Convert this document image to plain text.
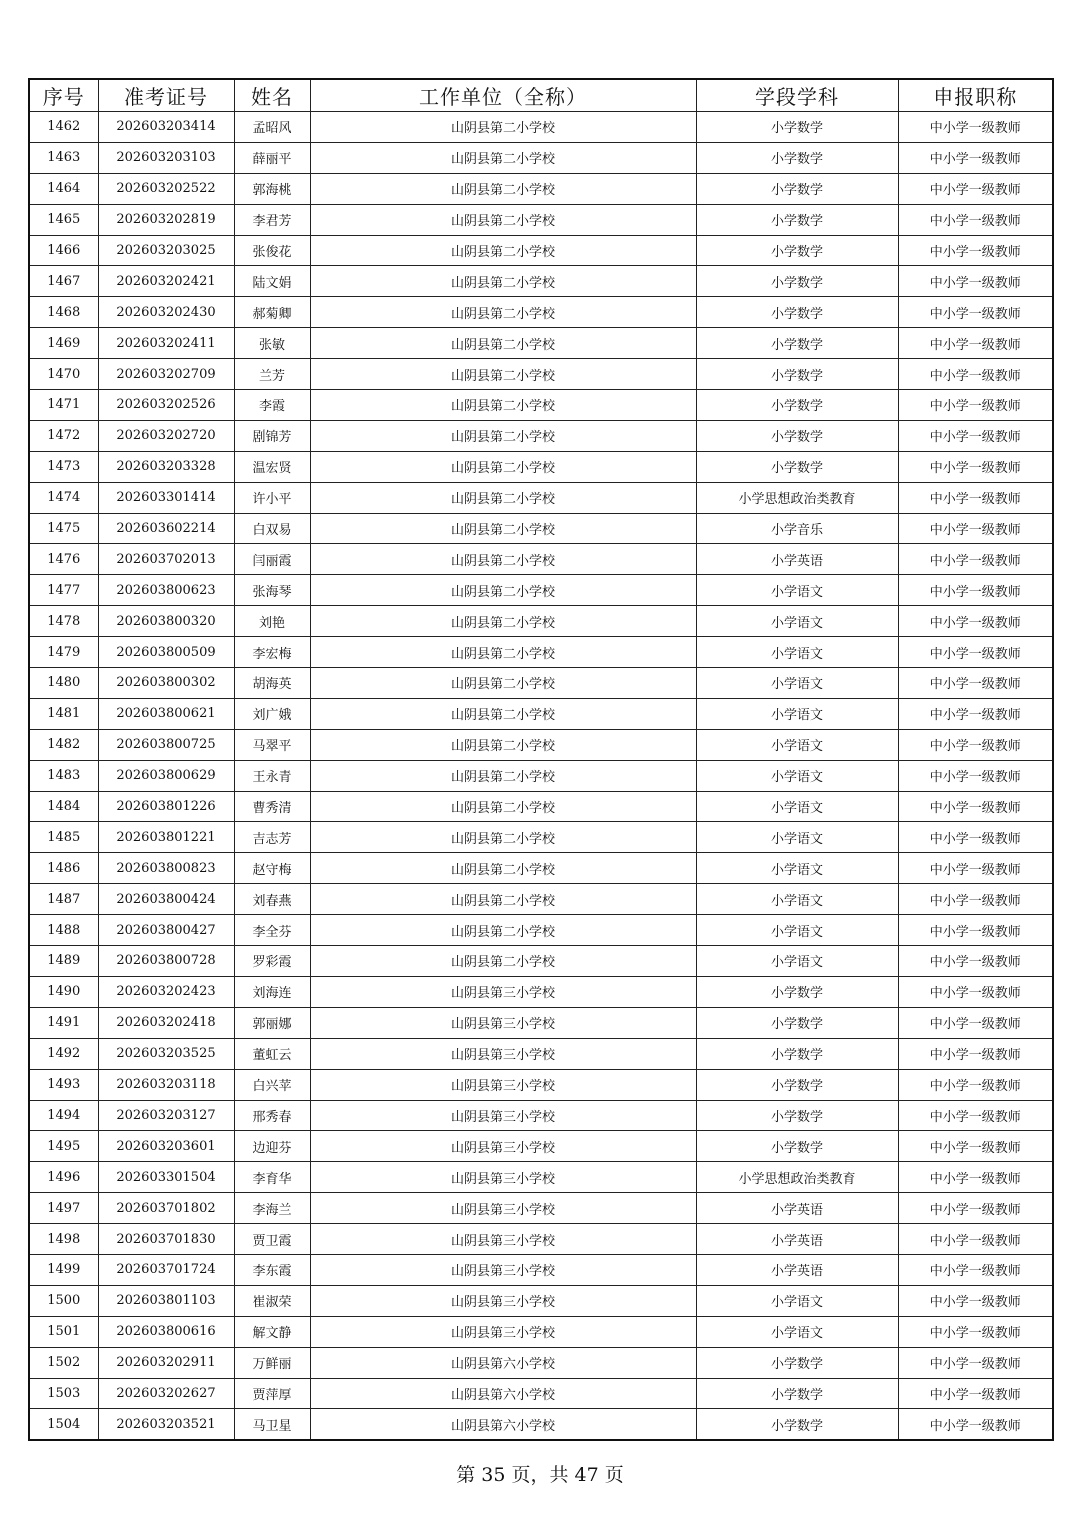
序号	准考证号	姓名	工作单位（全称）	学段学科	申报职称
1462	202603203414	孟昭风	山阴县第二小学校	小学数学	中小学一级教师
1463	202603203103	薛丽平	山阴县第二小学校	小学数学	中小学一级教师
1464	202603202522	郭海桃	山阴县第二小学校	小学数学	中小学一级教师
1465	202603202819	李君芳	山阴县第二小学校	小学数学	中小学一级教师
1466	202603203025	张俊花	山阴县第二小学校	小学数学	中小学一级教师
1467	202603202421	陆文娟	山阴县第二小学校	小学数学	中小学一级教师
1468	202603202430	郝菊卿	山阴县第二小学校	小学数学	中小学一级教师
1469	202603202411	张敏	山阴县第二小学校	小学数学	中小学一级教师
1470	202603202709	兰芳	山阴县第二小学校	小学数学	中小学一级教师
1471	202603202526	李霞	山阴县第二小学校	小学数学	中小学一级教师
1472	202603202720	剧锦芳	山阴县第二小学校	小学数学	中小学一级教师
1473	202603203328	温宏贤	山阴县第二小学校	小学数学	中小学一级教师
1474	202603301414	许小平	山阴县第二小学校	小学思想政治类教育	中小学一级教师
1475	202603602214	白双易	山阴县第二小学校	小学音乐	中小学一级教师
1476	202603702013	闫丽霞	山阴县第二小学校	小学英语	中小学一级教师
1477	202603800623	张海琴	山阴县第二小学校	小学语文	中小学一级教师
1478	202603800320	刘艳	山阴县第二小学校	小学语文	中小学一级教师
1479	202603800509	李宏梅	山阴县第二小学校	小学语文	中小学一级教师
1480	202603800302	胡海英	山阴县第二小学校	小学语文	中小学一级教师
1481	202603800621	刘广娥	山阴县第二小学校	小学语文	中小学一级教师
1482	202603800725	马翠平	山阴县第二小学校	小学语文	中小学一级教师
1483	202603800629	王永青	山阴县第二小学校	小学语文	中小学一级教师
1484	202603801226	曹秀清	山阴县第二小学校	小学语文	中小学一级教师
1485	202603801221	吉志芳	山阴县第二小学校	小学语文	中小学一级教师
1486	202603800823	赵守梅	山阴县第二小学校	小学语文	中小学一级教师
1487	202603800424	刘春燕	山阴县第二小学校	小学语文	中小学一级教师
1488	202603800427	李全芬	山阴县第二小学校	小学语文	中小学一级教师
1489	202603800728	罗彩霞	山阴县第二小学校	小学语文	中小学一级教师
1490	202603202423	刘海连	山阴县第三小学校	小学数学	中小学一级教师
1491	202603202418	郭丽娜	山阴县第三小学校	小学数学	中小学一级教师
1492	202603203525	董虹云	山阴县第三小学校	小学数学	中小学一级教师
1493	202603203118	白兴苹	山阴县第三小学校	小学数学	中小学一级教师
1494	202603203127	邢秀春	山阴县第三小学校	小学数学	中小学一级教师
1495	202603203601	边迎芬	山阴县第三小学校	小学数学	中小学一级教师
1496	202603301504	李育华	山阴县第三小学校	小学思想政治类教育	中小学一级教师
1497	202603701802	李海兰	山阴县第三小学校	小学英语	中小学一级教师
1498	202603701830	贾卫霞	山阴县第三小学校	小学英语	中小学一级教师
1499	202603701724	李东霞	山阴县第三小学校	小学英语	中小学一级教师
1500	202603801103	崔淑荣	山阴县第三小学校	小学语文	中小学一级教师
1501	202603800616	解文静	山阴县第三小学校	小学语文	中小学一级教师
1502	202603202911	万鲜丽	山阴县第六小学校	小学数学	中小学一级教师
1503	202603202627	贾萍厚	山阴县第六小学校	小学数学	中小学一级教师
1504	202603203521	马卫星	山阴县第六小学校	小学数学	中小学一级教师
第 35 页，共 47 页
